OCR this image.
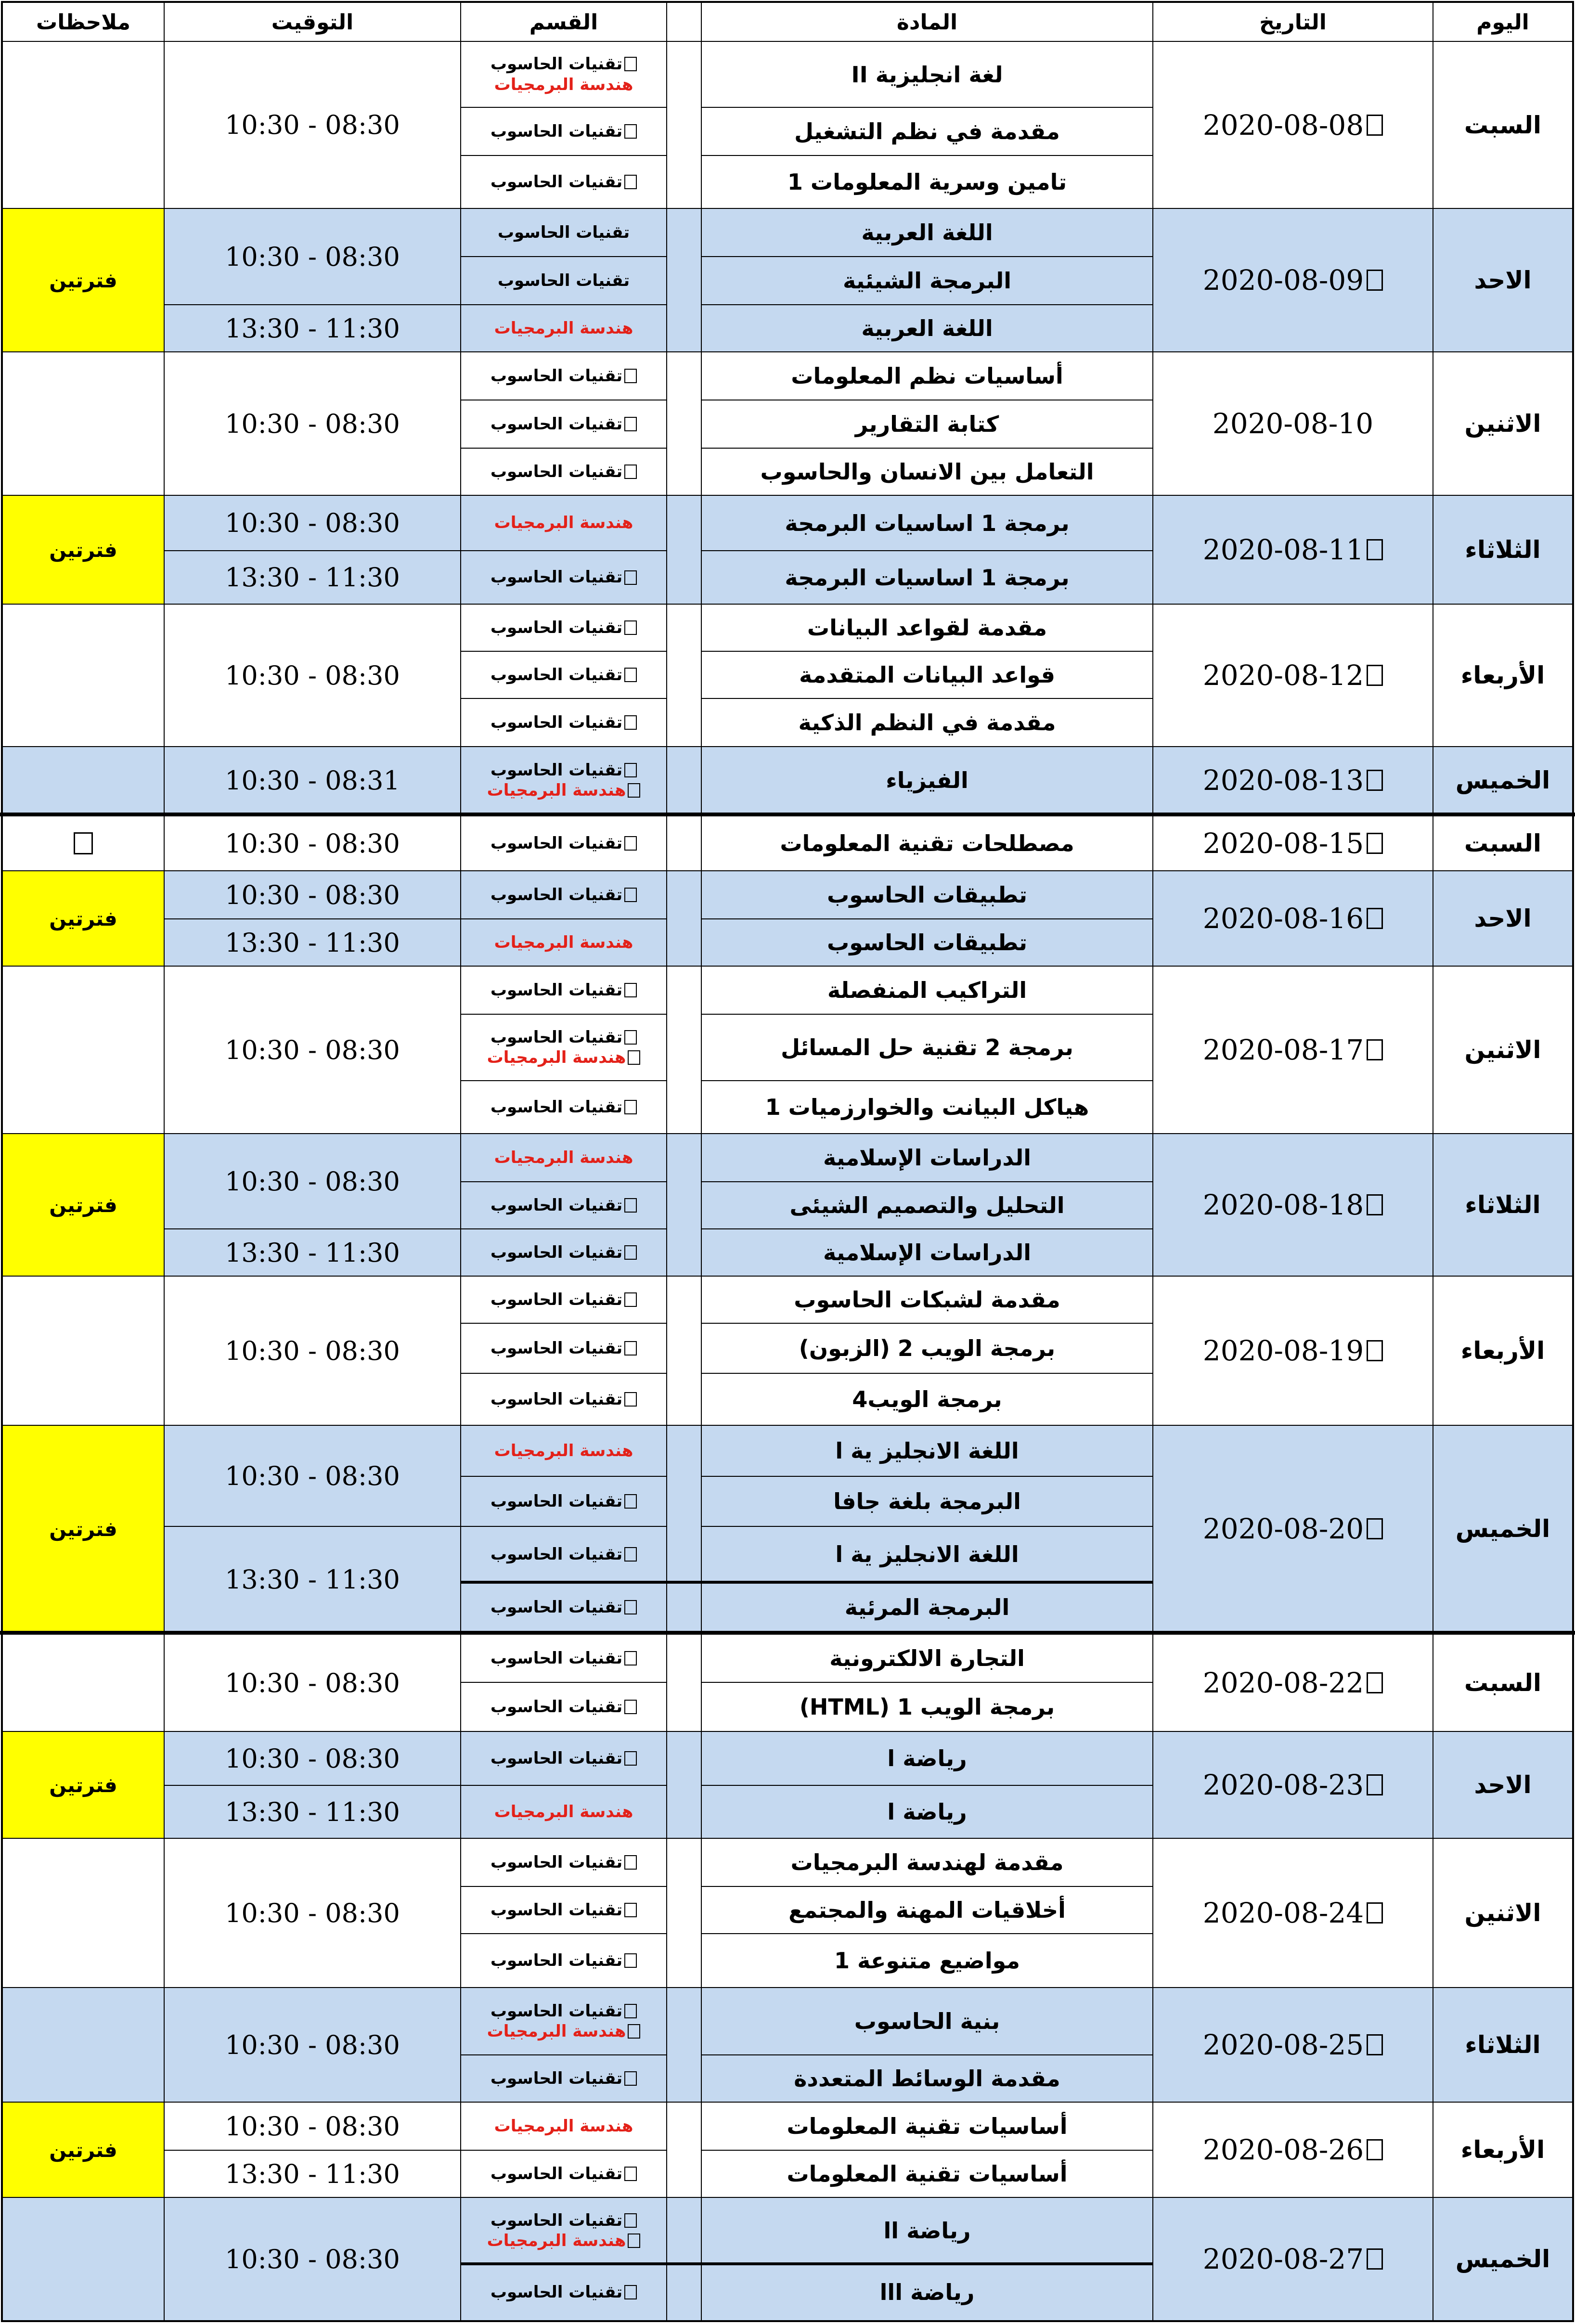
اليوم
التاريخ
المادة
القسم
التوقيت
ملاحظات
السبت
2020-08-08
لغة انجليزية II
مقدمة في نظم التشغيل
تامين وسرية المعلومات 1
تقنيات الحاسوب
هندسة البرمجيات
تقنيات الحاسوب
تقنيات الحاسوب
10:30 - 08:30
الاحد
2020-08-09
اللغة العربية
البرمجة الشيئية
اللغة العربية
تقنيات الحاسوب
تقنيات الحاسوب
هندسة البرمجيات
10:30 - 08:30
13:30 - 11:30
فترتين
الاثنين
2020-08-10
أساسيات نظم المعلومات
كتابة التقارير
التعامل بين الانسان والحاسوب
تقنيات الحاسوب
تقنيات الحاسوب
تقنيات الحاسوب
10:30 - 08:30
الثلاثاء
2020-08-11
برمجة 1 اساسيات البرمجة
برمجة 1 اساسيات البرمجة
هندسة البرمجيات
تقنيات الحاسوب
10:30 - 08:30
13:30 - 11:30
فترتين
الأربعاء
2020-08-12
مقدمة لقواعد البيانات
قواعد البيانات المتقدمة
مقدمة في النظم الذكية
تقنيات الحاسوب
تقنيات الحاسوب
تقنيات الحاسوب
10:30 - 08:30
الخميس
2020-08-13
الفيزياء
تقنيات الحاسوب
هندسة البرمجيات
10:30 - 08:31
السبت
2020-08-15
مصطلحات تقنية المعلومات
تقنيات الحاسوب
10:30 - 08:30
الاحد
2020-08-16
تطبيقات الحاسوب
تطبيقات الحاسوب
تقنيات الحاسوب
هندسة البرمجيات
10:30 - 08:30
13:30 - 11:30
فترتين
الاثنين
2020-08-17
التراكيب المنفصلة
برمجة 2 تقنية حل المسائل
هياكل البيانت والخوارزميات 1
تقنيات الحاسوب
تقنيات الحاسوب
هندسة البرمجيات
تقنيات الحاسوب
10:30 - 08:30
الثلاثاء
2020-08-18
الدراسات الإسلامية
التحليل والتصميم الشيئى
الدراسات الإسلامية
هندسة البرمجيات
تقنيات الحاسوب
تقنيات الحاسوب
10:30 - 08:30
13:30 - 11:30
فترتين
الأربعاء
2020-08-19
مقدمة لشبكات الحاسوب
برمجة الويب 2 (الزبون)
برمجة الويب4
تقنيات الحاسوب
تقنيات الحاسوب
تقنيات الحاسوب
10:30 - 08:30
الخميس
2020-08-20
اللغة الانجليز ية ا
البرمجة بلغة جافا
اللغة الانجليز ية ا
البرمجة المرئية
هندسة البرمجيات
تقنيات الحاسوب
تقنيات الحاسوب
تقنيات الحاسوب
10:30 - 08:30
13:30 - 11:30
فترتين
السبت
2020-08-22
التجارة الالكترونية
برمجة الويب 1 (HTML)
تقنيات الحاسوب
تقنيات الحاسوب
10:30 - 08:30
الاحد
2020-08-23
رياضة ا
رياضة ا
تقنيات الحاسوب
هندسة البرمجيات
10:30 - 08:30
13:30 - 11:30
فترتين
الاثنين
2020-08-24
مقدمة لهندسة البرمجيات
أخلاقيات المهنة والمجتمع
مواضيع متنوعة 1
تقنيات الحاسوب
تقنيات الحاسوب
تقنيات الحاسوب
10:30 - 08:30
الثلاثاء
2020-08-25
بنية الحاسوب
مقدمة الوسائط المتعددة
تقنيات الحاسوب
هندسة البرمجيات
تقنيات الحاسوب
10:30 - 08:30
الأربعاء
2020-08-26
أساسيات تقنية المعلومات
أساسيات تقنية المعلومات
هندسة البرمجيات
تقنيات الحاسوب
10:30 - 08:30
13:30 - 11:30
فترتين
الخميس
2020-08-27
رياضة اا
رياضة ااا
تقنيات الحاسوب
هندسة البرمجيات
تقنيات الحاسوب
10:30 - 08:30
